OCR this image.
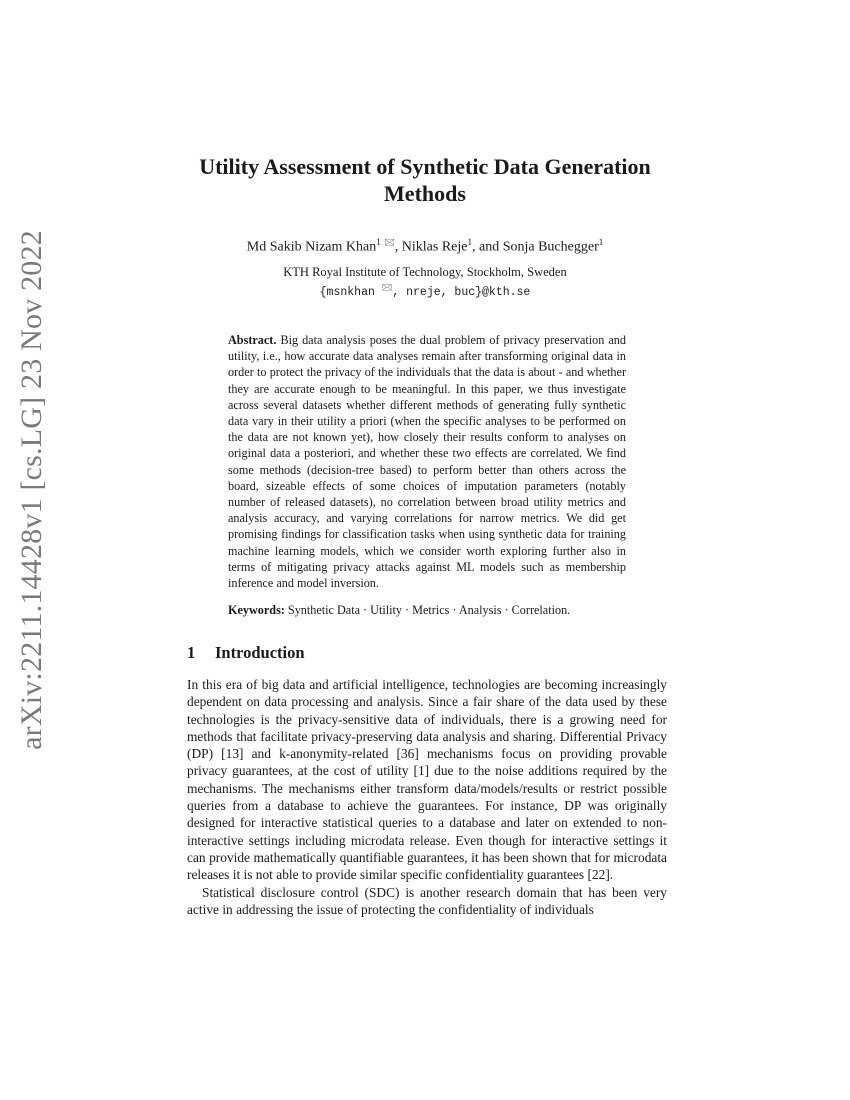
arXiv:2211.14428v1 [cs.LG] 23 Nov 2022
Utility Assessment of Synthetic Data Generation
Methods
Md Sakib Nizam Khan$^1$ 🖂, Niklas Reje$^1$, and Sonja Buchegger$^1$
KTH Royal Institute of Technology, Stockholm, Sweden
{msnkhan 🖂, nreje, buc}@kth.se
Abstract. Big data analysis poses the dual problem of privacy preservation and utility, i.e., how accurate data analyses remain after transforming original data in order to protect the privacy of the individuals that the data is about - and whether they are accurate enough to be meaningful. In this paper, we thus investigate across several datasets whether different methods of generating fully synthetic data vary in their utility a priori (when the specific analyses to be performed on the data are not known yet), how closely their results conform to analyses on original data a posteriori, and whether these two effects are correlated. We find some methods (decision-tree based) to perform better than others across the board, sizeable effects of some choices of imputation parameters (notably number of released datasets), no correlation between broad utility metrics and analysis accuracy, and varying correlations for narrow metrics. We did get promising findings for classification tasks when using synthetic data for training machine learning models, which we consider worth exploring further also in terms of mitigating privacy attacks against ML models such as membership inference and model inversion.
Keywords: Synthetic Data · Utility · Metrics · Analysis · Correlation.
1 Introduction

In this era of big data and artificial intelligence, technologies are becoming increasingly dependent on data processing and analysis. Since a fair share of the data used by these technologies is the privacy-sensitive data of individuals, there is a growing need for methods that facilitate privacy-preserving data analysis and sharing. Differential Privacy (DP) [13] and k-anonymity-related [36] mechanisms focus on providing provable privacy guarantees, at the cost of utility [1] due to the noise additions required by the mechanisms. The mechanisms either transform data/models/results or restrict possible queries from a database to achieve the guarantees. For instance, DP was originally designed for interactive statistical queries to a database and later on extended to non-interactive settings including microdata release. Even though for interactive settings it can provide mathematically quantifiable guarantees, it has been shown that for microdata releases it is not able to provide similar specific confidentiality guarantees [22].

Statistical disclosure control (SDC) is another research domain that has been very active in addressing the issue of protecting the confidentiality of individuals
